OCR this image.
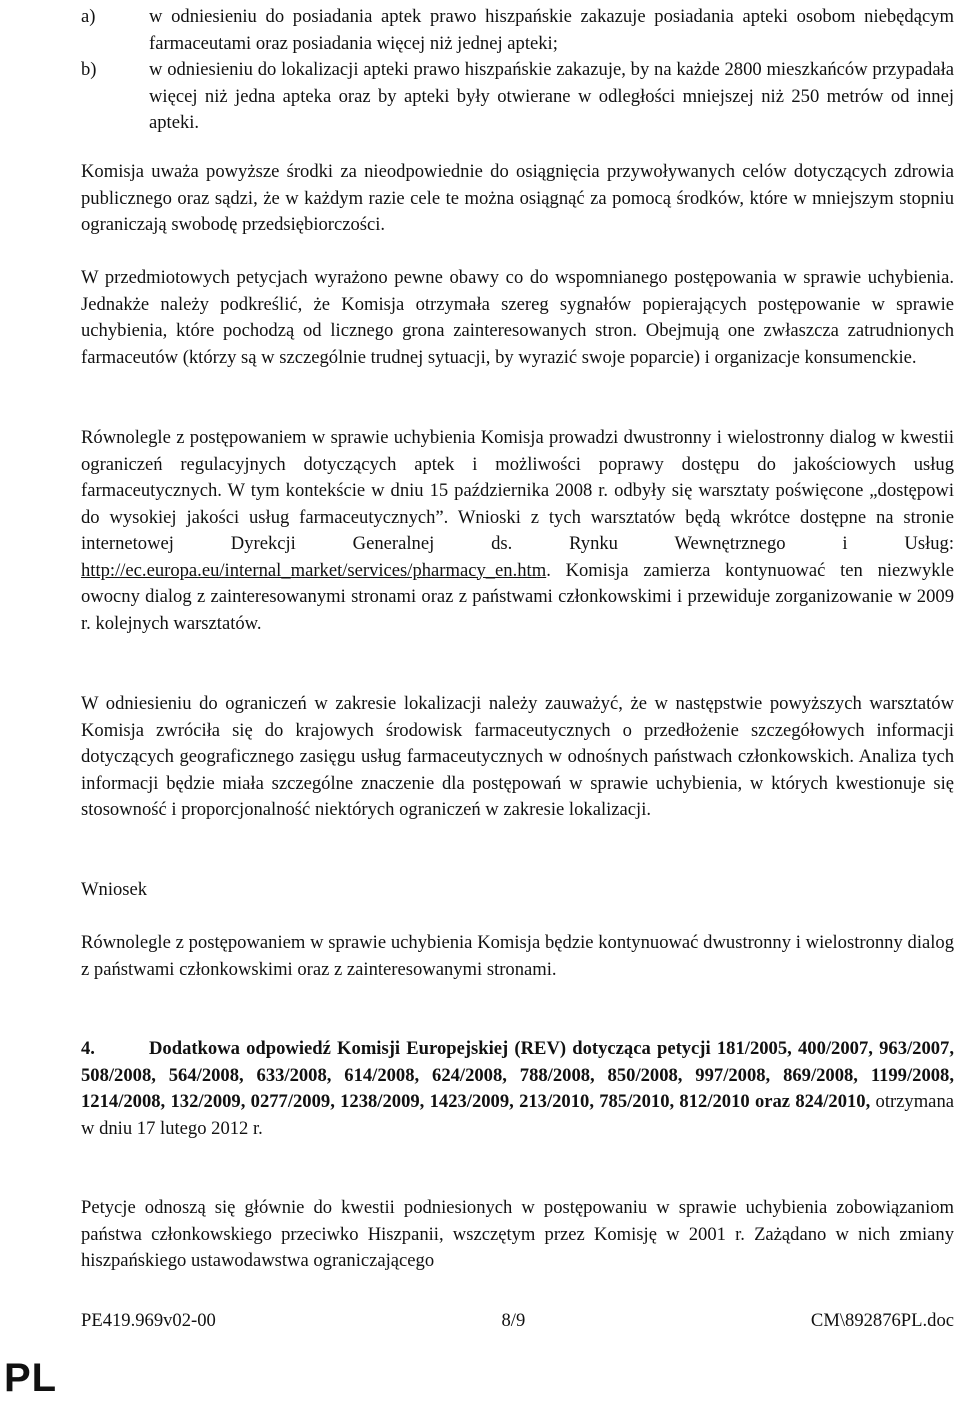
a)	w odniesieniu do posiadania aptek prawo hiszpańskie zakazuje posiadania apteki osobom niebędącym farmaceutami oraz posiadania więcej niż jednej apteki;
b)	w odniesieniu do lokalizacji apteki prawo hiszpańskie zakazuje, by na każde 2800 mieszkańców przypadała więcej niż jedna apteka oraz by apteki były otwierane w odległości mniejszej niż 250 metrów od innej apteki.

Komisja uważa powyższe środki za nieodpowiednie do osiągnięcia przywoływanych celów dotyczących zdrowia publicznego oraz sądzi, że w każdym razie cele te można osiągnąć za pomocą środków, które w mniejszym stopniu ograniczają swobodę przedsiębiorczości.

W przedmiotowych petycjach wyrażono pewne obawy co do wspomnianego postępowania w sprawie uchybienia. Jednakże należy podkreślić, że Komisja otrzymała szereg sygnałów popierających postępowanie w sprawie uchybienia, które pochodzą od licznego grona zainteresowanych stron. Obejmują one zwłaszcza zatrudnionych farmaceutów (którzy są w szczególnie trudnej sytuacji, by wyrazić swoje poparcie) i organizacje konsumenckie.

Równolegle z postępowaniem w sprawie uchybienia Komisja prowadzi dwustronny i wielostronny dialog w kwestii ograniczeń regulacyjnych dotyczących aptek i możliwości poprawy dostępu do jakościowych usług farmaceutycznych. W tym kontekście w dniu 15 października 2008 r. odbyły się warsztaty poświęcone „dostępowi do wysokiej jakości usług farmaceutycznych”. Wnioski z tych warsztatów będą wkrótce dostępne na stronie internetowej Dyrekcji Generalnej ds. Rynku Wewnętrznego i Usług: http://ec.europa.eu/internal_market/services/pharmacy_en.htm. Komisja zamierza kontynuować ten niezwykle owocny dialog z zainteresowanymi stronami oraz z państwami członkowskimi i przewiduje zorganizowanie w 2009 r. kolejnych warsztatów.

W odniesieniu do ograniczeń w zakresie lokalizacji należy zauważyć, że w następstwie powyższych warsztatów Komisja zwróciła się do krajowych środowisk farmaceutycznych o przedłożenie szczegółowych informacji dotyczących geograficznego zasięgu usług farmaceutycznych w odnośnych państwach członkowskich. Analiza tych informacji będzie miała szczególne znaczenie dla postępowań w sprawie uchybienia, w których kwestionuje się stosowność i proporcjonalność niektórych ograniczeń w zakresie lokalizacji.

Wniosek

Równolegle z postępowaniem w sprawie uchybienia Komisja będzie kontynuować dwustronny i wielostronny dialog z państwami członkowskimi oraz z zainteresowanymi stronami.

4.	Dodatkowa odpowiedź Komisji Europejskiej (REV) dotycząca petycji 181/2005, 400/2007, 963/2007, 508/2008, 564/2008, 633/2008, 614/2008, 624/2008, 788/2008, 850/2008, 997/2008, 869/2008, 1199/2008, 1214/2008, 132/2009, 0277/2009, 1238/2009, 1423/2009, 213/2010, 785/2010, 812/2010 oraz 824/2010, otrzymana w dniu 17 lutego 2012 r.

Petycje odnoszą się głównie do kwestii podniesionych w postępowaniu w sprawie uchybienia zobowiązaniom państwa członkowskiego przeciwko Hiszpanii, wszczętym przez Komisję w 2001 r. Zażądano w nich zmiany hiszpańskiego ustawodawstwa ograniczającego

PE419.969v02-00	8/9	CM\892876PL.doc
PL
